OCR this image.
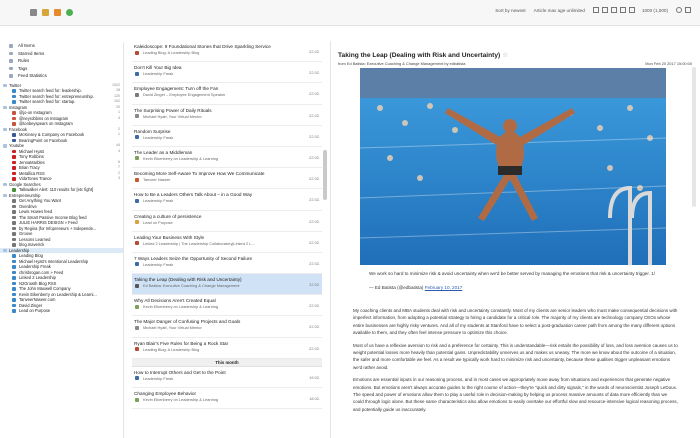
Sort by newest Article max age unlimited	1000 (1,000)
All Items
Starred Items
Rules
Tags
Feed Statistics
Twitter	1022
Twitter search feed for: leadership.	18
Twitter search feed for: entrepreneurship.	120
Twitter search feed for: startup.	102
Instagram	20
@jo-on Instagram	1
@neyrobbins on Instagram	4
@tonbeyspears on Instagram
Facebook	2
McKinsey & Company on Facebook	1
BearingPoint on Facebook
Youtube	44
Michael Hyatt	4
Tony Robbins
JennaMarbles	6
Brian Tracy	7
Metallica RSS	2
VidaTones Trance	3
Google Searches
Talkwalker Alert: 110 results for [etc fight]
Entrepreneurship
Get Anything You Want
Overdrive
Lewis Howes feed
The Smart Passive Income Blog feed
JULIE HARRIS DESIGN » Feed
by Regina (for Infopreneurs + Independe...
Groove
Lessons Learned
blog.maverick
Leadership
Leading Blog
Michael Hyatt's Intentional Leadership
Leadership Freak
chrisbrogan.com » Feed
Linked 2 Leadership
N2Growth Blog RSS
The John Maxwell Company
Kevin Eikenberry on Leadership & Learni...
TanveerNaseer.com
David Zinger
Lead on Purpose
Kaleidoscope: 9 Foundational Stones that Drive Sparkling Service
Leading Blog: A Leadership Blog	22.02.
Don't Kill Your Big Idea
Leadership Freak	22.02.
Employee Engagement: Turn off the Fan
David Zinger – Employee Engagement Speaker	22.02.
The Surprising Power of Daily Rituals
Michael Hyatt, Your Virtual Mentor	22.02.
Random Surprise
Leadership Freak	22.02.
The Leader as a Middleman
Kevin Eikenberry on Leadership & Learning	22.02.
Becoming More Self-Aware To Improve How We Communicate
Tanveer Naseer	22.02.
How to Be a Leaders Others Talk About – in a Good Way
Leadership Freak	22.02.
Creating a culture of persistence
Lead on Purpose	22.02.
Leading Your Business With Style
Linked 2 Leadership | The Leadership Collaboratory|Linked 2 L...	22.02.
7 Ways Leaders Seize the Opportunity of Second Failure
Leadership Freak	22.02.
Taking the Leap (Dealing with Risk and Uncertainty)
Ed Batista: Executive Coaching & Change Management	22.02.
Why All Decisions Aren't Created Equal
Kevin Eikenberry on Leadership & Learning	22.02.
The Major Danger of Confusing Projects and Goals
Michael Hyatt, Your Virtual Mentor	22.02.
Ryan Blair's Five Rules for Being a Rock Star
Leading Blog: A Leadership Blog	22.02.
This month
How to Interrupt Others and Get to the Point
Leadership Freak	19.02.
Changing Employee Behavior
Kevin Eikenberry on Leadership & Learning	18.02.
Taking the Leap (Dealing with Risk and Uncertainty) ☆
from Ed Batista: Executive Coaching & Change Management by edbatista	Mon Feb 20 2017 15:00:00
We work so hard to minimize risk & avoid uncertainty when we'd be better served by managing the emotions that risk & uncertainty trigger. 1/
— Ed Batista (@edbatista) February 10, 2017

My coaching clients and MBA students deal with risk and uncertainty constantly. Most of my clients are senior leaders who must make consequential decisions with imperfect information, from adopting a potential strategy to hiring a candidate for a critical role. The majority of my clients are technology company CEOs whose entire businesses are highly risky ventures. And all of my students at Stanford have to select a post-graduation career path from among the many different options available to them, and they often feel intense pressure to optimize this choice.

Most of us have a reflexive aversion to risk and a preference for certainty. This is understandable—risk entails the possibility of loss, and loss aversion causes us to weight potential losses more heavily than potential gains. Unpredictability unnerves us and makes us uneasy. The more we know about the outcome of a situation, the safer and more comfortable we feel. As a result we typically work hard to minimize risk and uncertainty, because these qualities trigger unpleasant emotions we'd rather avoid.

Emotions are essential inputs in our reasoning process, and in most cases we appropriately move away from situations and experiences that generate negative emotions. But emotions aren't always accurate guides to the right course of action—they're "quick and dirty signals," in the words of neuroscientist Joseph LeDoux. The speed and power of emotions allow them to play a useful role in decision-making by helping us process massive amounts of data more efficiently than we could through logic alone. But these same characteristics also allow emotions to easily overtake our effortful slow and resource-intensive logical reasoning process, and potentially guide us inaccurately.
